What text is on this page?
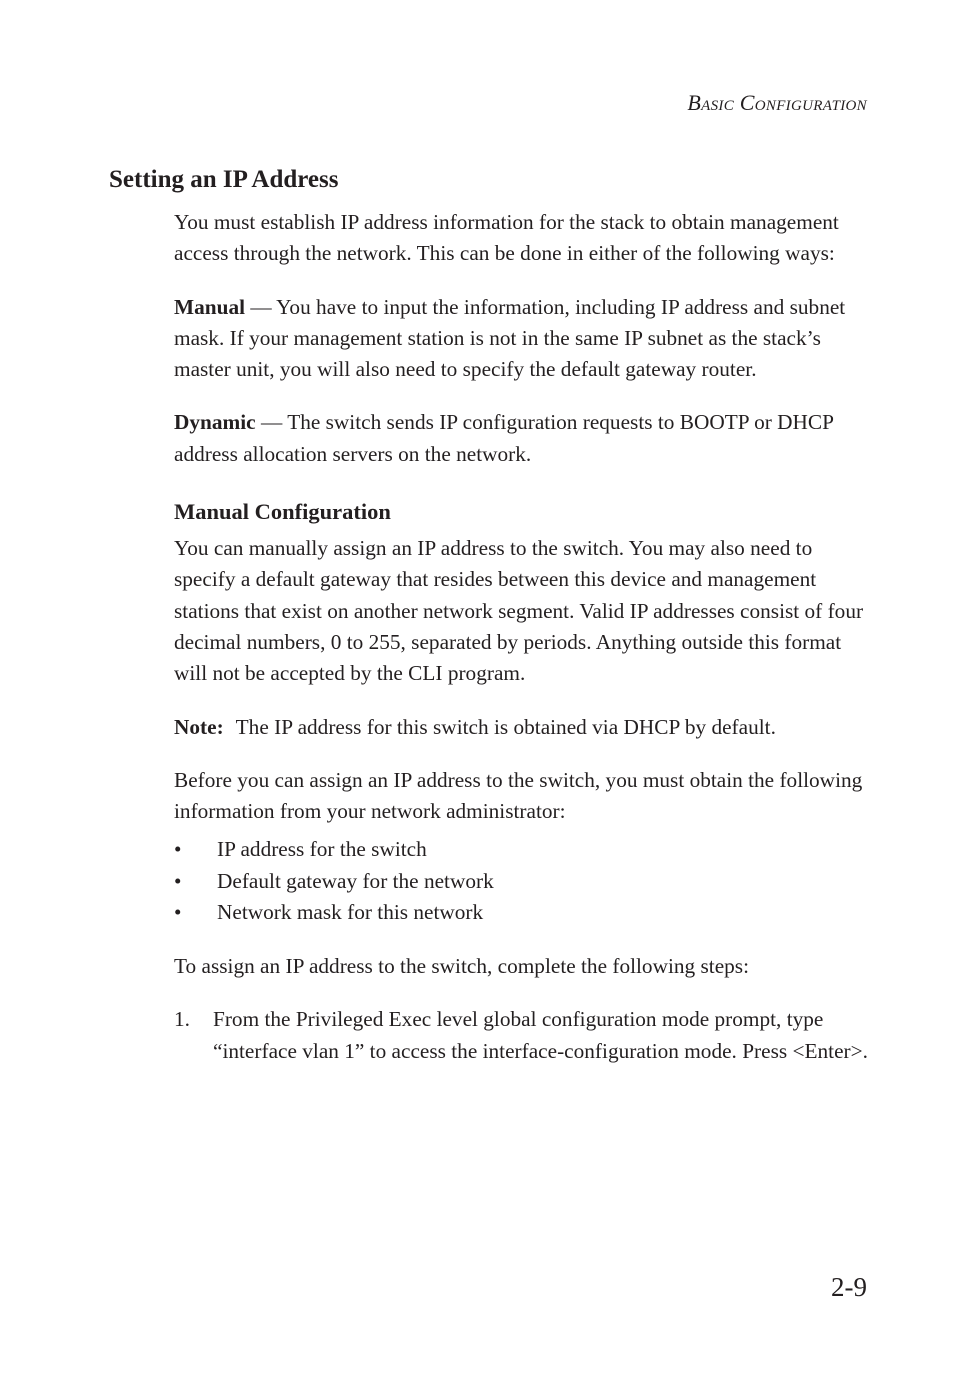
Basic Configuration
Setting an IP Address

You must establish IP address information for the stack to obtain management access through the network. This can be done in either of the following ways:

Manual — You have to input the information, including IP address and subnet mask. If your management station is not in the same IP subnet as the stack’s master unit, you will also need to specify the default gateway router.

Dynamic — The switch sends IP configuration requests to BOOTP or DHCP address allocation servers on the network.

Manual Configuration

You can manually assign an IP address to the switch. You may also need to specify a default gateway that resides between this device and management stations that exist on another network segment. Valid IP addresses consist of four decimal numbers, 0 to 255, separated by periods. Anything outside this format will not be accepted by the CLI program.

Note: The IP address for this switch is obtained via DHCP by default.

Before you can assign an IP address to the switch, you must obtain the following information from your network administrator:

• IP address for the switch
• Default gateway for the network
• Network mask for this network

To assign an IP address to the switch, complete the following steps:

1. From the Privileged Exec level global configuration mode prompt, type “interface vlan 1” to access the interface-configuration mode. Press <Enter>.
2-9
